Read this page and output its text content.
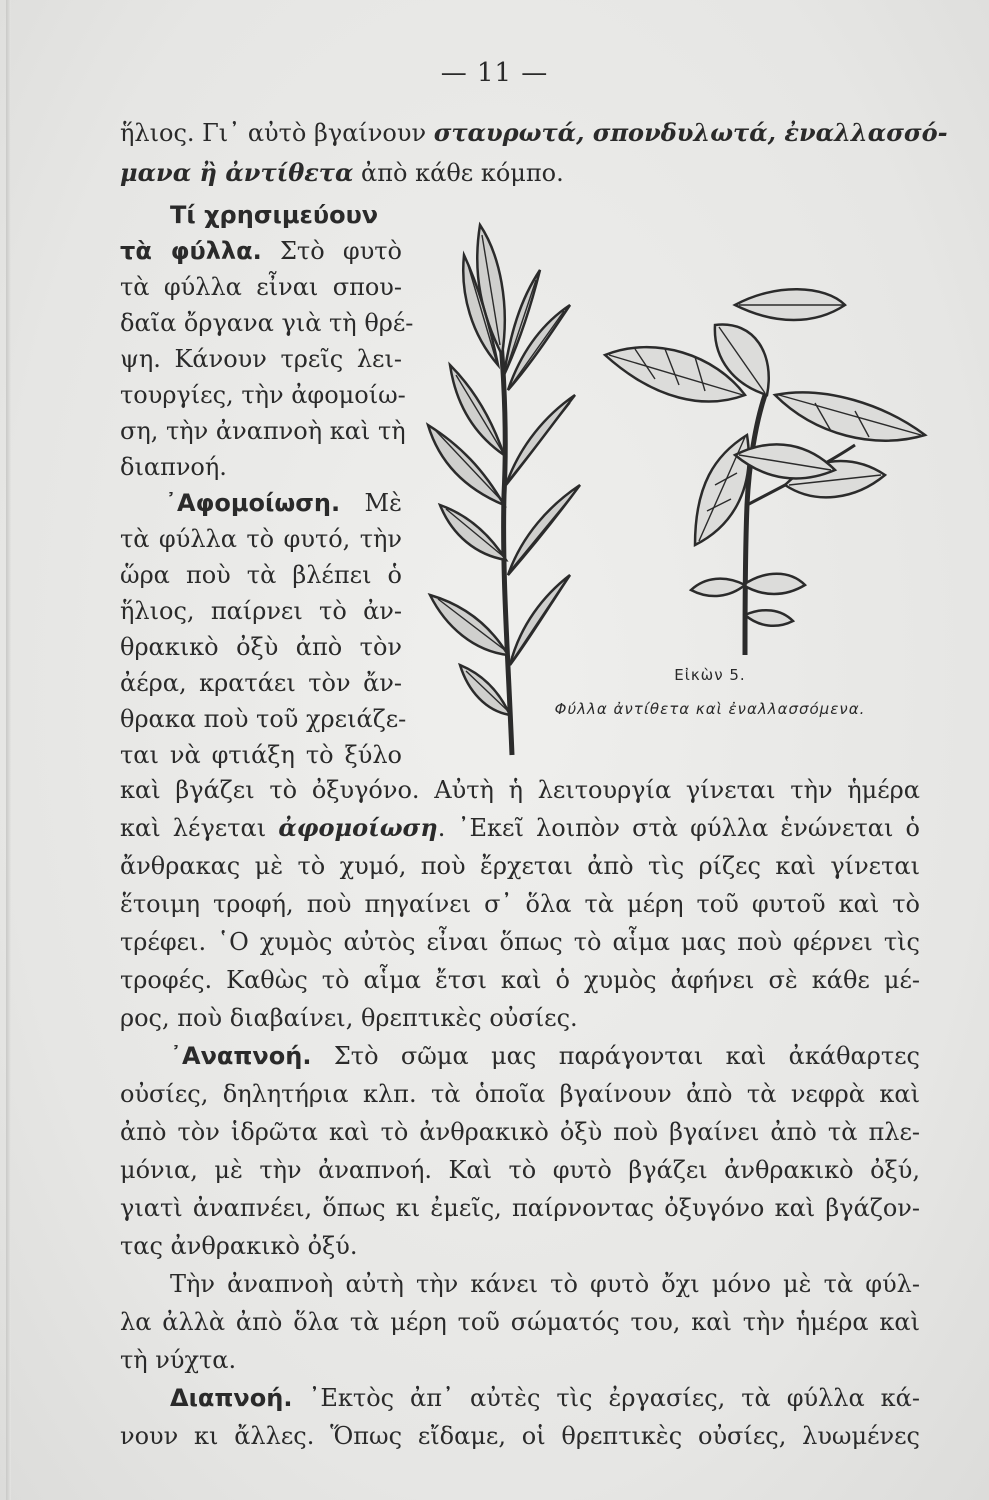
— 11 —
ἥλιος. Γι᾿ αὐτὸ βγαίνουν σταυρωτά, σπονδυλωτά, ἐναλλασσό-
μανα ἢ ἀντίθετα ἀπὸ κάθε κόμπο.
Τί χρησιμεύουν
τὰ φύλλα. Στὸ φυτὸ
τὰ φύλλα εἶναι σπου-
δαῖα ὄργανα γιὰ τὴ θρέ-
ψη. Κάνουν τρεῖς λει-
τουργίες, τὴν ἀφομοίω-
ση, τὴν ἀναπνοὴ καὶ τὴ
διαπνοή.
᾿Αφομοίωση. Μὲ
τὰ φύλλα τὸ φυτό, τὴν
ὥρα ποὺ τὰ βλέπει ὁ
ἥλιος, παίρνει τὸ ἀν-
θρακικὸ ὀξὺ ἀπὸ τὸν
ἀέρα, κρατάει τὸν ἄν-
θρακα ποὺ τοῦ χρειάζε-
ται νὰ φτιάξη τὸ ξύλο
Εἰκὼν 5.
Φύλλα ἀντίθετα καὶ ἐναλλασσόμενα.
καὶ βγάζει τὸ ὀξυγόνο. Αὐτὴ ἡ λειτουργία γίνεται τὴν ἡμέρα
καὶ λέγεται ἀφομοίωση. ᾿Εκεῖ λοιπὸν στὰ φύλλα ἑνώνεται ὁ
ἄνθρακας μὲ τὸ χυμό, ποὺ ἔρχεται ἀπὸ τὶς ρίζες καὶ γίνεται
ἕτοιμη τροφή, ποὺ πηγαίνει σ᾿ ὅλα τὰ μέρη τοῦ φυτοῦ καὶ τὸ
τρέφει. ῾Ο χυμὸς αὐτὸς εἶναι ὅπως τὸ αἷμα μας ποὺ φέρνει τὶς
τροφές. Καθὼς τὸ αἷμα ἔτσι καὶ ὁ χυμὸς ἀφήνει σὲ κάθε μέ-
ρος, ποὺ διαβαίνει, θρεπτικὲς οὐσίες.
᾿Αναπνοή. Στὸ σῶμα μας παράγονται καὶ ἀκάθαρτες
οὐσίες, δηλητήρια κλπ. τὰ ὁποῖα βγαίνουν ἀπὸ τὰ νεφρὰ καὶ
ἀπὸ τὸν ἱδρῶτα καὶ τὸ ἀνθρακικὸ ὀξὺ ποὺ βγαίνει ἀπὸ τὰ πλε-
μόνια, μὲ τὴν ἀναπνοή. Καὶ τὸ φυτὸ βγάζει ἀνθρακικὸ ὀξύ,
γιατὶ ἀναπνέει, ὅπως κι ἐμεῖς, παίρνοντας ὀξυγόνο καὶ βγάζον-
τας ἀνθρακικὸ ὀξύ.
Τὴν ἀναπνοὴ αὐτὴ τὴν κάνει τὸ φυτὸ ὄχι μόνο μὲ τὰ φύλ-
λα ἀλλὰ ἀπὸ ὅλα τὰ μέρη τοῦ σώματός του, καὶ τὴν ἡμέρα καὶ
τὴ νύχτα.
Διαπνοή. ᾿Εκτὸς ἀπ᾿ αὐτὲς τὶς ἐργασίες, τὰ φύλλα κά-
νουν κι ἄλλες. Ὅπως εἴδαμε, οἱ θρεπτικὲς οὐσίες, λυωμένες
